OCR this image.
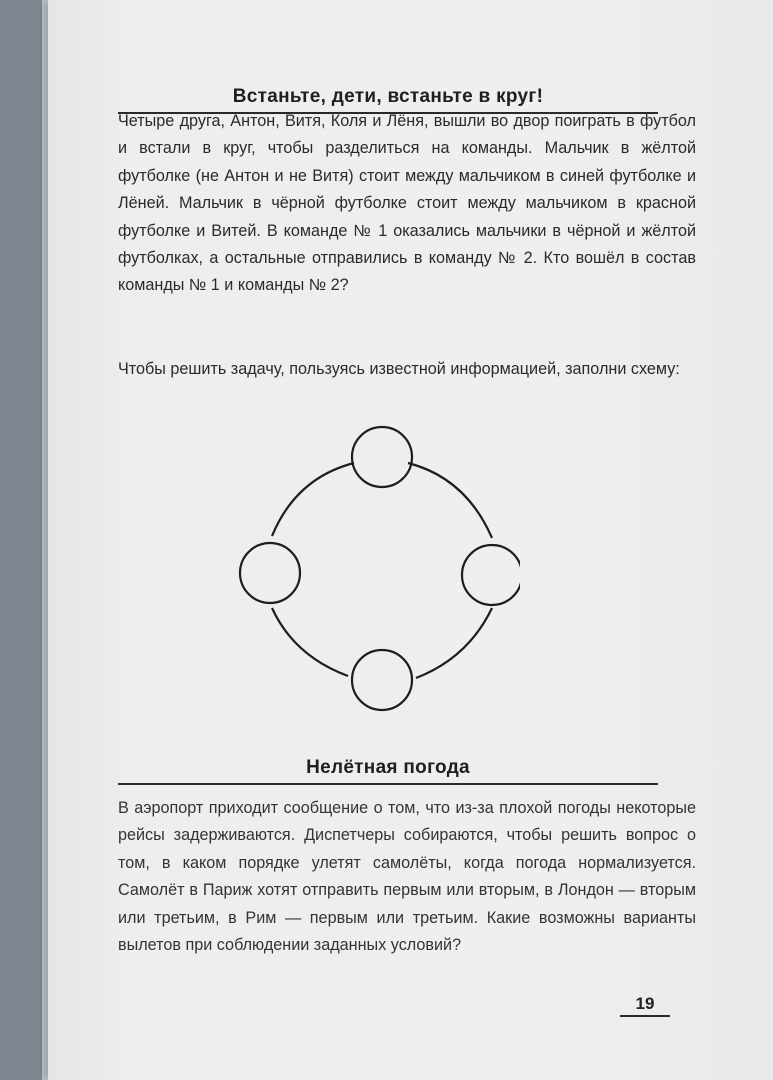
Встаньте, дети, встаньте в круг!

Четыре друга, Антон, Витя, Коля и Лёня, вышли во двор поиграть в футбол и встали в круг, чтобы разделиться на команды. Мальчик в жёлтой футболке (не Антон и не Витя) стоит между мальчиком в синей футболке и Лёней. Мальчик в чёрной футболке стоит между мальчиком в красной футболке и Витей. В команде № 1 оказались мальчики в чёрной и жёлтой футболках, а остальные отправились в команду № 2. Кто вошёл в состав команды № 1 и команды № 2?

Чтобы решить задачу, пользуясь известной информацией, заполни схему:

Нелётная погода

В аэропорт приходит сообщение о том, что из-за плохой погоды некоторые рейсы задерживаются. Диспетчеры собираются, чтобы решить вопрос о том, в каком порядке улетят самолёты, когда погода нормализуется. Самолёт в Париж хотят отправить первым или вторым, в Лондон — вторым или третьим, в Рим — первым или третьим. Какие возможны варианты вылетов при соблюдении заданных условий?

19
